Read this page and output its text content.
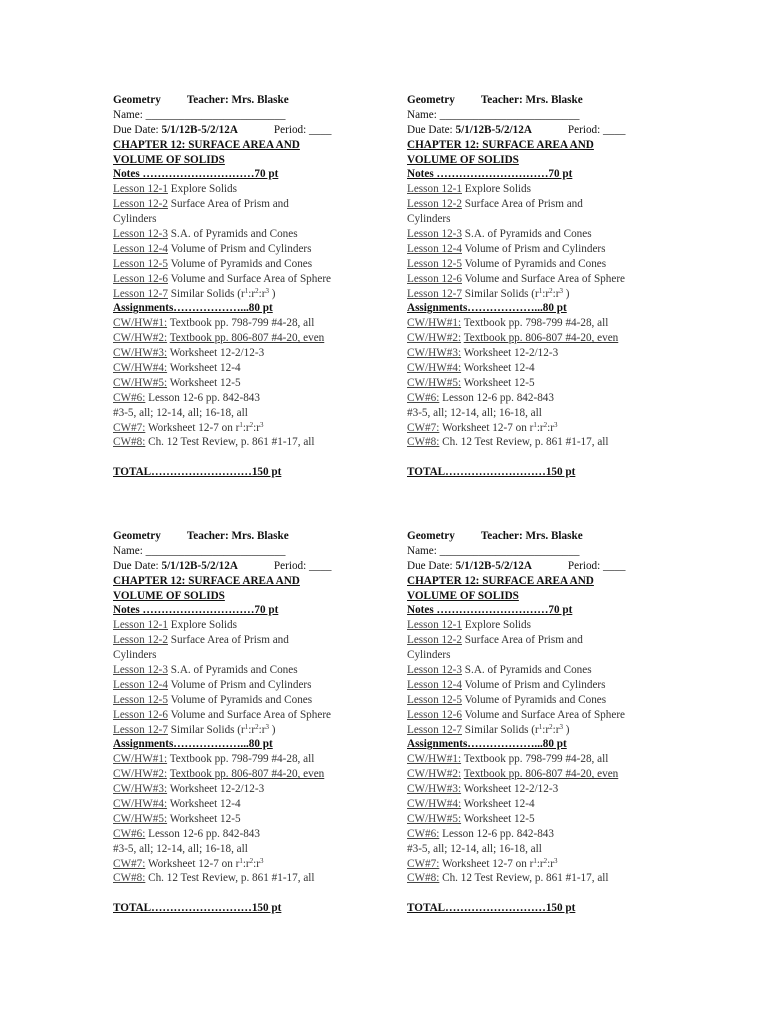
Geometry Teacher: Mrs. Blaske
Name: _________________________
Due Date: 5/1/12B-5/2/12A	Period: ____
CHAPTER 12: SURFACE AREA AND
VOLUME OF SOLIDS
Notes …………………………70 pt
Lesson 12-1 Explore Solids
Lesson 12-2 Surface Area of Prism and
Cylinders
Lesson 12-3 S.A. of Pyramids and Cones
Lesson 12-4 Volume of Prism and Cylinders
Lesson 12-5 Volume of Pyramids and Cones
Lesson 12-6 Volume and Surface Area of Sphere
Lesson 12-7 Similar Solids ($r^1:r^2:r^3$ )
Assignments………………...80 pt
CW/HW#1: Textbook pp. 798-799 #4-28, all
CW/HW#2: Textbook pp. 806-807 #4-20, even
CW/HW#3: Worksheet 12-2/12-3
CW/HW#4: Worksheet 12-4
CW/HW#5: Worksheet 12-5
CW#6: Lesson 12-6 pp. 842-843
#3-5, all; 12-14, all; 16-18, all
CW#7: Worksheet 12-7 on $r^1:r^2:r^3$
CW#8: Ch. 12 Test Review, p. 861 #1-17, all
TOTAL………………………150 pt
Geometry Teacher: Mrs. Blaske
Name: _________________________
Due Date: 5/1/12B-5/2/12A	Period: ____
CHAPTER 12: SURFACE AREA AND
VOLUME OF SOLIDS
Notes …………………………70 pt
Lesson 12-1 Explore Solids
Lesson 12-2 Surface Area of Prism and
Cylinders
Lesson 12-3 S.A. of Pyramids and Cones
Lesson 12-4 Volume of Prism and Cylinders
Lesson 12-5 Volume of Pyramids and Cones
Lesson 12-6 Volume and Surface Area of Sphere
Lesson 12-7 Similar Solids ($r^1:r^2:r^3$ )
Assignments………………...80 pt
CW/HW#1: Textbook pp. 798-799 #4-28, all
CW/HW#2: Textbook pp. 806-807 #4-20, even
CW/HW#3: Worksheet 12-2/12-3
CW/HW#4: Worksheet 12-4
CW/HW#5: Worksheet 12-5
CW#6: Lesson 12-6 pp. 842-843
#3-5, all; 12-14, all; 16-18, all
CW#7: Worksheet 12-7 on $r^1:r^2:r^3$
CW#8: Ch. 12 Test Review, p. 861 #1-17, all
TOTAL………………………150 pt
Geometry Teacher: Mrs. Blaske
Name: _________________________
Due Date: 5/1/12B-5/2/12A	Period: ____
CHAPTER 12: SURFACE AREA AND
VOLUME OF SOLIDS
Notes …………………………70 pt
Lesson 12-1 Explore Solids
Lesson 12-2 Surface Area of Prism and
Cylinders
Lesson 12-3 S.A. of Pyramids and Cones
Lesson 12-4 Volume of Prism and Cylinders
Lesson 12-5 Volume of Pyramids and Cones
Lesson 12-6 Volume and Surface Area of Sphere
Lesson 12-7 Similar Solids ($r^1:r^2:r^3$ )
Assignments………………...80 pt
CW/HW#1: Textbook pp. 798-799 #4-28, all
CW/HW#2: Textbook pp. 806-807 #4-20, even
CW/HW#3: Worksheet 12-2/12-3
CW/HW#4: Worksheet 12-4
CW/HW#5: Worksheet 12-5
CW#6: Lesson 12-6 pp. 842-843
#3-5, all; 12-14, all; 16-18, all
CW#7: Worksheet 12-7 on $r^1:r^2:r^3$
CW#8: Ch. 12 Test Review, p. 861 #1-17, all
TOTAL………………………150 pt
Geometry Teacher: Mrs. Blaske
Name: _________________________
Due Date: 5/1/12B-5/2/12A	Period: ____
CHAPTER 12: SURFACE AREA AND
VOLUME OF SOLIDS
Notes …………………………70 pt
Lesson 12-1 Explore Solids
Lesson 12-2 Surface Area of Prism and
Cylinders
Lesson 12-3 S.A. of Pyramids and Cones
Lesson 12-4 Volume of Prism and Cylinders
Lesson 12-5 Volume of Pyramids and Cones
Lesson 12-6 Volume and Surface Area of Sphere
Lesson 12-7 Similar Solids ($r^1:r^2:r^3$ )
Assignments………………...80 pt
CW/HW#1: Textbook pp. 798-799 #4-28, all
CW/HW#2: Textbook pp. 806-807 #4-20, even
CW/HW#3: Worksheet 12-2/12-3
CW/HW#4: Worksheet 12-4
CW/HW#5: Worksheet 12-5
CW#6: Lesson 12-6 pp. 842-843
#3-5, all; 12-14, all; 16-18, all
CW#7: Worksheet 12-7 on $r^1:r^2:r^3$
CW#8: Ch. 12 Test Review, p. 861 #1-17, all
TOTAL………………………150 pt
